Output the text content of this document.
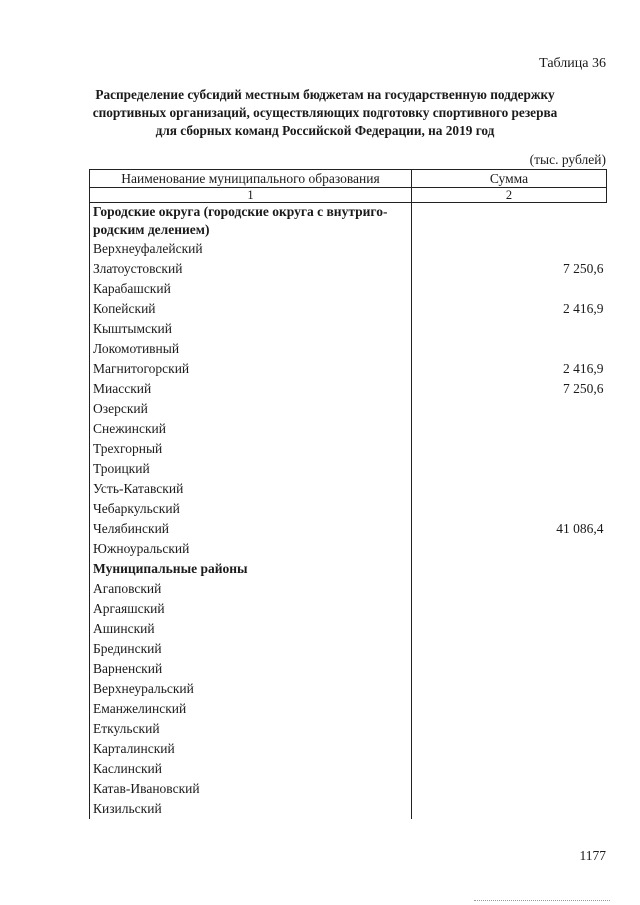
Таблица 36
Распределение субсидий местным бюджетам на государственную поддержку спортивных организаций, осуществляющих подготовку спортивного резерва для сборных команд Российской Федерации, на 2019 год
(тыс. рублей)
Наименование муниципального образования	Сумма
1	2
Городские округа (городские округа с внутриго-родским делением)	
Верхнеуфалейский	
Златоустовский	7 250,6
Карабашский	
Копейский	2 416,9
Кыштымский	
Локомотивный	
Магнитогорский	2 416,9
Миасский	7 250,6
Озерский	
Снежинский	
Трехгорный	
Троицкий	
Усть-Катавский	
Чебаркульский	
Челябинский	41 086,4
Южноуральский	
Муниципальные районы	
Агаповский	
Аргаяшский	
Ашинский	
Брединский	
Варненский	
Верхнеуральский	
Еманжелинский	
Еткульский	
Карталинский	
Каслинский	
Катав-Ивановский	
Кизильский	
1177
